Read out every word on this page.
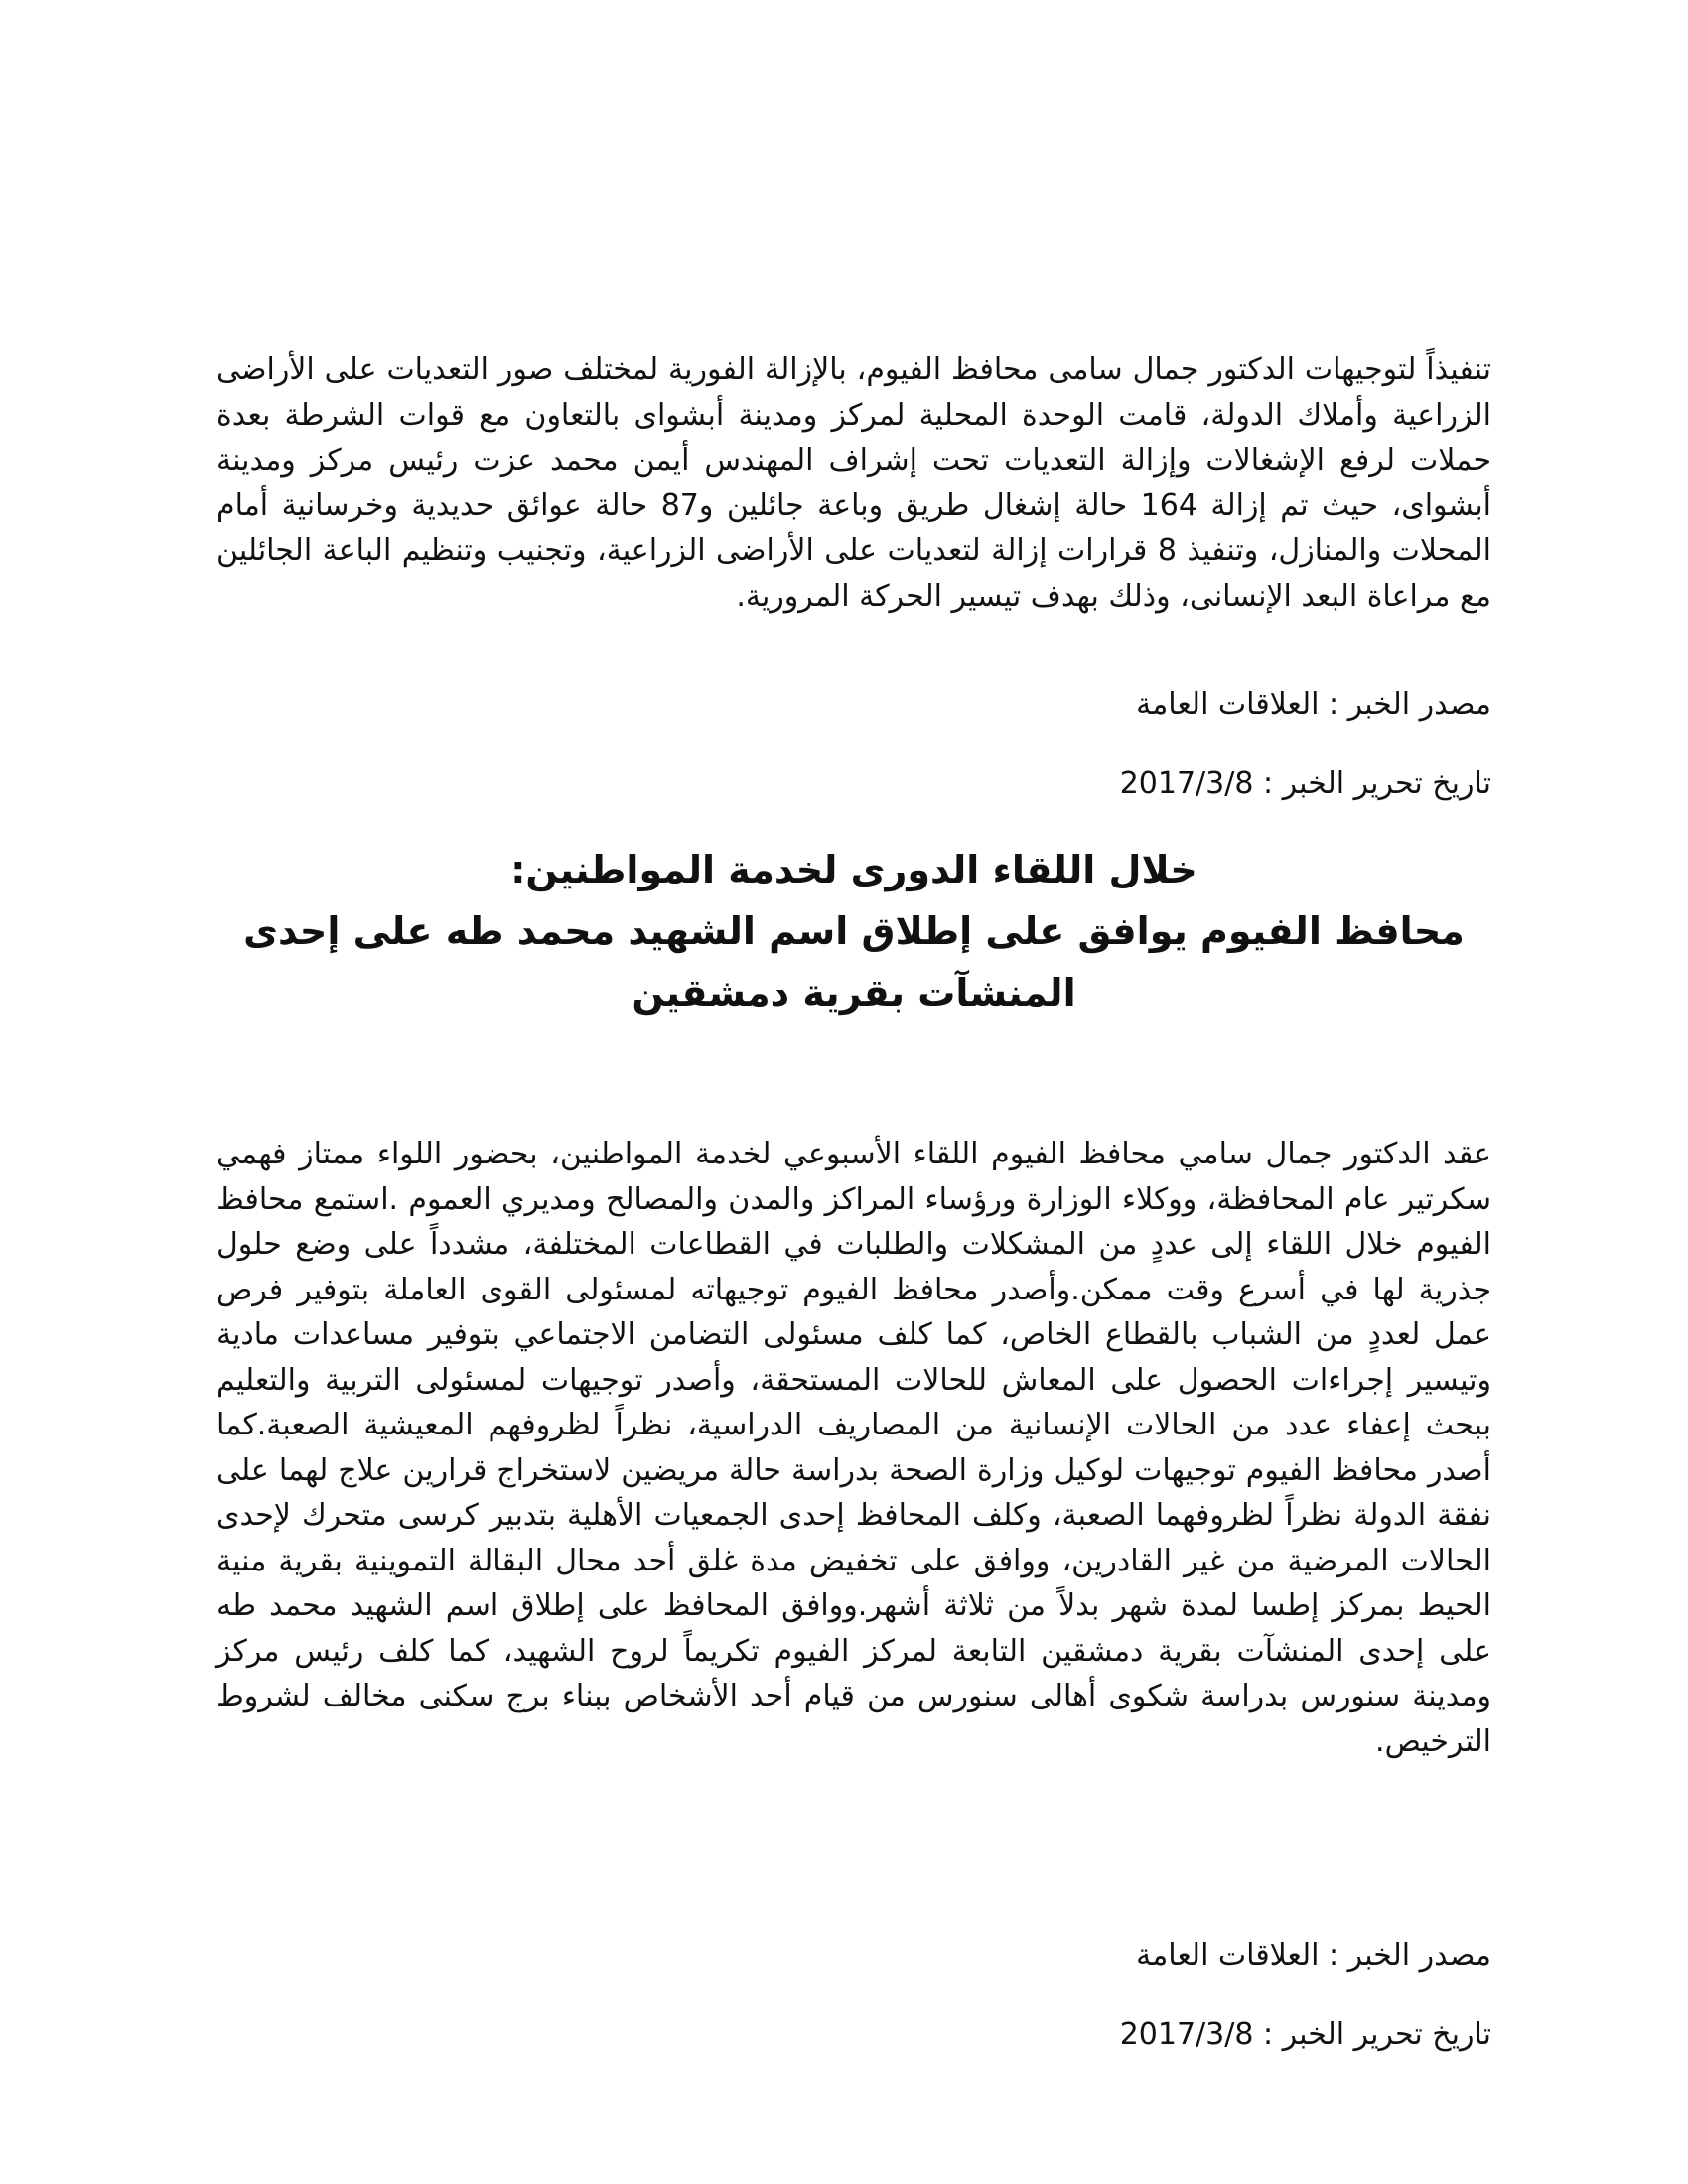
تنفيذاً لتوجيهات الدكتور جمال سامى محافظ الفيوم، بالإزالة الفورية لمختلف صور التعديات على الأراضى الزراعية وأملاك الدولة، قامت الوحدة المحلية لمركز ومدينة أبشواى بالتعاون مع قوات الشرطة بعدة حملات لرفع الإشغالات وإزالة التعديات تحت إشراف المهندس أيمن محمد عزت رئيس مركز ومدينة أبشواى، حيث تم إزالة 164 حالة إشغال طريق وباعة جائلين و87 حالة عوائق حديدية وخرسانية أمام المحلات والمنازل، وتنفيذ 8 قرارات إزالة لتعديات على الأراضى الزراعية، وتجنيب وتنظيم الباعة الجائلين مع مراعاة البعد الإنسانى، وذلك بهدف تيسير الحركة المرورية.

مصدر الخبر : العلاقات العامة

تاريخ تحرير الخبر : 2017/3/8

خلال اللقاء الدورى لخدمة المواطنين:

محافظ الفيوم يوافق على إطلاق اسم الشهيد محمد طه على إحدى المنشآت بقرية دمشقين

عقد الدكتور جمال سامي محافظ الفيوم اللقاء الأسبوعي لخدمة المواطنين، بحضور اللواء ممتاز فهمي سكرتير عام المحافظة، ووكلاء الوزارة ورؤساء المراكز والمدن والمصالح ومديري العموم .استمع محافظ الفيوم خلال اللقاء إلى عددٍ من المشكلات والطلبات في القطاعات المختلفة، مشدداً على وضع حلول جذرية لها في أسرع وقت ممكن.وأصدر محافظ الفيوم توجيهاته لمسئولى القوى العاملة بتوفير فرص عمل لعددٍ من الشباب بالقطاع الخاص، كما كلف مسئولى التضامن الاجتماعي بتوفير مساعدات مادية وتيسير إجراءات الحصول على المعاش للحالات المستحقة، وأصدر توجيهات لمسئولى التربية والتعليم ببحث إعفاء عدد من الحالات الإنسانية من المصاريف الدراسية، نظراً لظروفهم المعيشية الصعبة.كما أصدر محافظ الفيوم توجيهات لوكيل وزارة الصحة بدراسة حالة مريضين لاستخراج قرارين علاج لهما على نفقة الدولة نظراً لظروفهما الصعبة، وكلف المحافظ إحدى الجمعيات الأهلية بتدبير كرسى متحرك لإحدى الحالات المرضية من غير القادرين، ووافق على تخفيض مدة غلق أحد محال البقالة التموينية بقرية منية الحيط بمركز إطسا لمدة شهر بدلاً من ثلاثة أشهر.ووافق المحافظ على إطلاق اسم الشهيد محمد طه على إحدى المنشآت بقرية دمشقين التابعة لمركز الفيوم تكريماً لروح الشهيد، كما كلف رئيس مركز ومدينة سنورس بدراسة شكوى أهالى سنورس من قيام أحد الأشخاص ببناء برج سكنى مخالف لشروط الترخيص.

مصدر الخبر : العلاقات العامة

تاريخ تحرير الخبر : 2017/3/8
